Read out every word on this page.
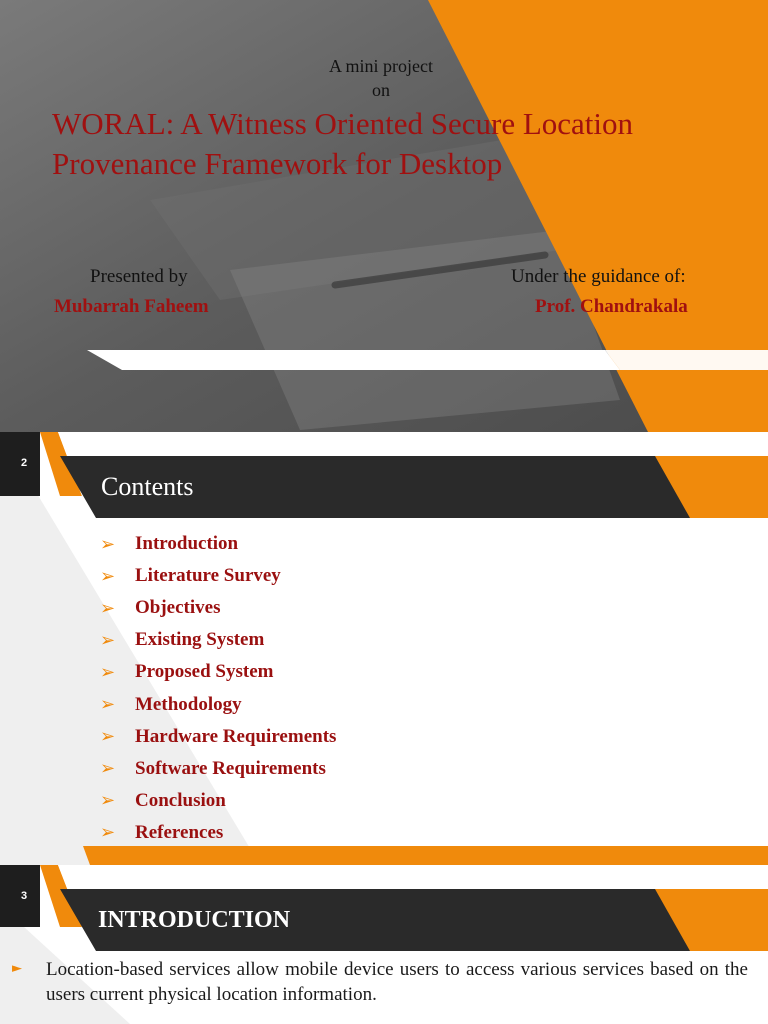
A mini project
on
WORAL: A Witness Oriented Secure Location Provenance Framework for Desktop
Presented by
Mubarrah Faheem
Under the guidance of:
Prof. Chandrakala
2
Contents
➢	Introduction
➢	Literature Survey
➢	Objectives
➢	Existing System
➢	Proposed System
➢	Methodology
➢	Hardware Requirements
➢	Software Requirements
➢	Conclusion
➢	References
3
INTRODUCTION
►	Location-based services allow mobile device users to access various services based on the users current physical location information.
